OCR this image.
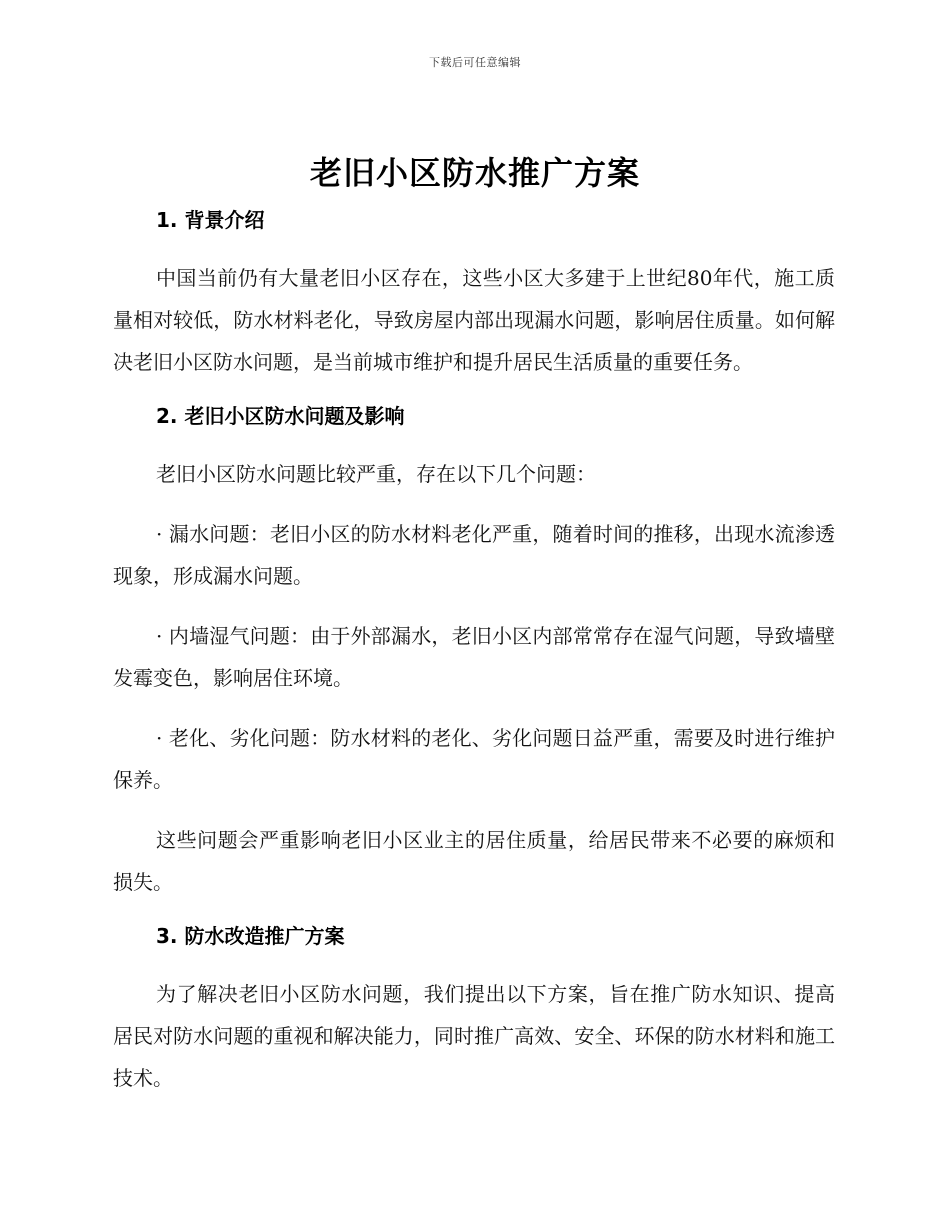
下载后可任意编辑
老旧小区防水推广方案
1. 背景介绍

中国当前仍有大量老旧小区存在，这些小区大多建于上世纪80年代，施工质量相对较低，防水材料老化，导致房屋内部出现漏水问题，影响居住质量。如何解决老旧小区防水问题，是当前城市维护和提升居民生活质量的重要任务。

2. 老旧小区防水问题及影响

老旧小区防水问题比较严重，存在以下几个问题：

· 漏水问题：老旧小区的防水材料老化严重，随着时间的推移，出现水流渗透现象，形成漏水问题。

· 内墙湿气问题：由于外部漏水，老旧小区内部常常存在湿气问题，导致墙壁发霉变色，影响居住环境。

· 老化、劣化问题：防水材料的老化、劣化问题日益严重，需要及时进行维护保养。

这些问题会严重影响老旧小区业主的居住质量，给居民带来不必要的麻烦和损失。

3. 防水改造推广方案

为了解决老旧小区防水问题，我们提出以下方案，旨在推广防水知识、提高居民对防水问题的重视和解决能力，同时推广高效、安全、环保的防水材料和施工技术。
